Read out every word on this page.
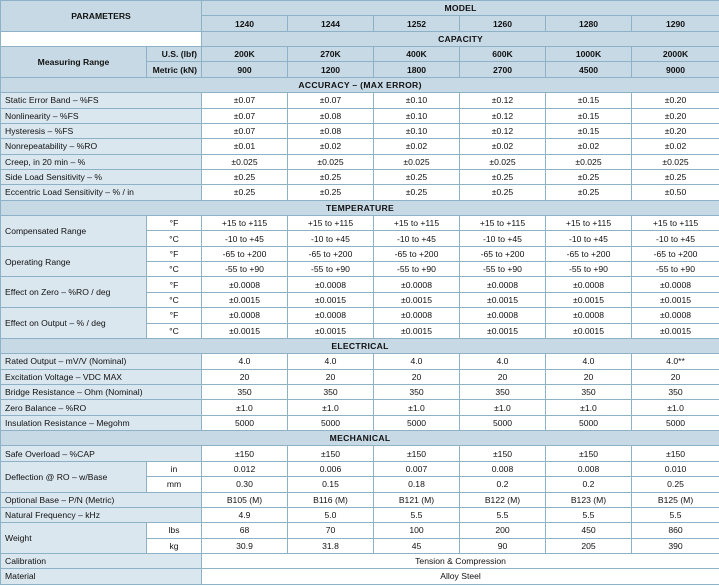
PARAMETERS		MODEL					
		1240	1244	1252	1260	1280	1290
		CAPACITY					
Measuring Range	U.S. (lbf)	200K	270K	400K	600K	1000K	2000K
	Metric (kN)	900	1200	1800	2700	4500	9000
ACCURACY – (MAX ERROR)							
Static Error Band – %FS		±0.07	±0.07	±0.10	±0.12	±0.15	±0.20
Nonlinearity – %FS		±0.07	±0.08	±0.10	±0.12	±0.15	±0.20
Hysteresis – %FS		±0.07	±0.08	±0.10	±0.12	±0.15	±0.20
Nonrepeatability – %RO		±0.01	±0.02	±0.02	±0.02	±0.02	±0.02
Creep, in 20 min – %		±0.025	±0.025	±0.025	±0.025	±0.025	±0.025
Side Load Sensitivity – %		±0.25	±0.25	±0.25	±0.25	±0.25	±0.25
Eccentric Load Sensitivity – % / in		±0.25	±0.25	±0.25	±0.25	±0.25	±0.50
TEMPERATURE							
Compensated Range	°F	+15 to +115	+15 to +115	+15 to +115	+15 to +115	+15 to +115	+15 to +115
	°C	-10 to +45	-10 to +45	-10 to +45	-10 to +45	-10 to +45	-10 to +45
Operating Range	°F	-65 to +200	-65 to +200	-65 to +200	-65 to +200	-65 to +200	-65 to +200
	°C	-55 to +90	-55 to +90	-55 to +90	-55 to +90	-55 to +90	-55 to +90
Effect on Zero – %RO / deg	°F	±0.0008	±0.0008	±0.0008	±0.0008	±0.0008	±0.0008
	°C	±0.0015	±0.0015	±0.0015	±0.0015	±0.0015	±0.0015
Effect on Output – % / deg	°F	±0.0008	±0.0008	±0.0008	±0.0008	±0.0008	±0.0008
	°C	±0.0015	±0.0015	±0.0015	±0.0015	±0.0015	±0.0015
ELECTRICAL							
Rated Output – mV/V (Nominal)		4.0	4.0	4.0	4.0	4.0	4.0**
Excitation Voltage – VDC MAX		20	20	20	20	20	20
Bridge Resistance – Ohm (Nominal)		350	350	350	350	350	350
Zero Balance – %RO		±1.0	±1.0	±1.0	±1.0	±1.0	±1.0
Insulation Resistance – Megohm		5000	5000	5000	5000	5000	5000
MECHANICAL							
Safe Overload – %CAP		±150	±150	±150	±150	±150	±150
Deflection @ RO – w/Base	in	0.012	0.006	0.007	0.008	0.008	0.010
	mm	0.30	0.15	0.18	0.2	0.2	0.25
Optional Base – P/N (Metric)		B105 (M)	B116 (M)	B121 (M)	B122 (M)	B123 (M)	B125 (M)
Natural Frequency – kHz		4.9	5.0	5.5	5.5	5.5	5.5
Weight	lbs	68	70	100	200	450	860
	kg	30.9	31.8	45	90	205	390
Calibration		Tension & Compression					
Material		Alloy Steel					
